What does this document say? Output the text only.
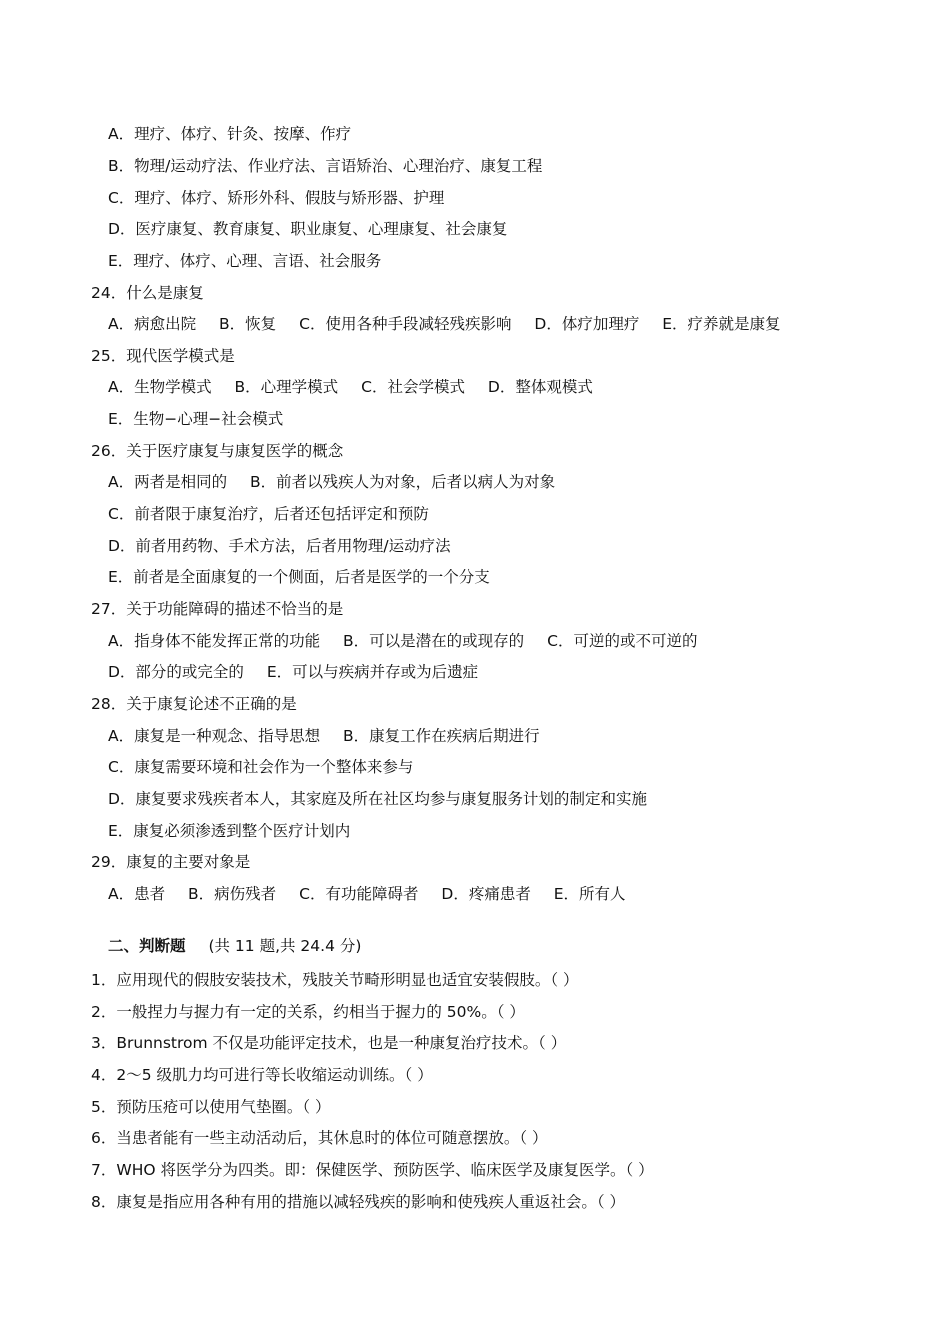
A．理疗、体疗、针灸、按摩、作疗
B．物理/运动疗法、作业疗法、言语矫治、心理治疗、康复工程
C．理疗、体疗、矫形外科、假肢与矫形器、护理
D．医疗康复、教育康复、职业康复、心理康复、社会康复
E．理疗、体疗、心理、言语、社会服务
24．什么是康复
A．病愈出院 B．恢复 C．使用各种手段减轻残疾影响 D．体疗加理疗 E．疗养就是康复
25．现代医学模式是
A．生物学模式 B．心理学模式 C．社会学模式 D．整体观模式
E．生物−心理−社会模式
26．关于医疗康复与康复医学的概念
A．两者是相同的 B．前者以残疾人为对象，后者以病人为对象
C．前者限于康复治疗，后者还包括评定和预防
D．前者用药物、手术方法，后者用物理/运动疗法
E．前者是全面康复的一个侧面，后者是医学的一个分支
27．关于功能障碍的描述不恰当的是
A．指身体不能发挥正常的功能 B．可以是潜在的或现存的 C．可逆的或不可逆的
D．部分的或完全的 E．可以与疾病并存或为后遗症
28．关于康复论述不正确的是
A．康复是一种观念、指导思想 B．康复工作在疾病后期进行
C．康复需要环境和社会作为一个整体来参与
D．康复要求残疾者本人，其家庭及所在社区均参与康复服务计划的制定和实施
E．康复必须渗透到整个医疗计划内
29．康复的主要对象是
A．患者 B．病伤残者 C．有功能障碍者 D．疼痛患者 E．所有人
二、判断题 (共 11 题,共 24.4 分)
1．应用现代的假肢安装技术，残肢关节畸形明显也适宜安装假肢。（ ）
2．一般捏力与握力有一定的关系，约相当于握力的 50%。（ ）
3．Brunnstrom 不仅是功能评定技术，也是一种康复治疗技术。（ ）
4．2～5 级肌力均可进行等长收缩运动训练。（ ）
5．预防压疮可以使用气垫圈。（ ）
6．当患者能有一些主动活动后，其休息时的体位可随意摆放。（ ）
7．WHO 将医学分为四类。即：保健医学、预防医学、临床医学及康复医学。（ ）
8．康复是指应用各种有用的措施以减轻残疾的影响和使残疾人重返社会。（ ）
